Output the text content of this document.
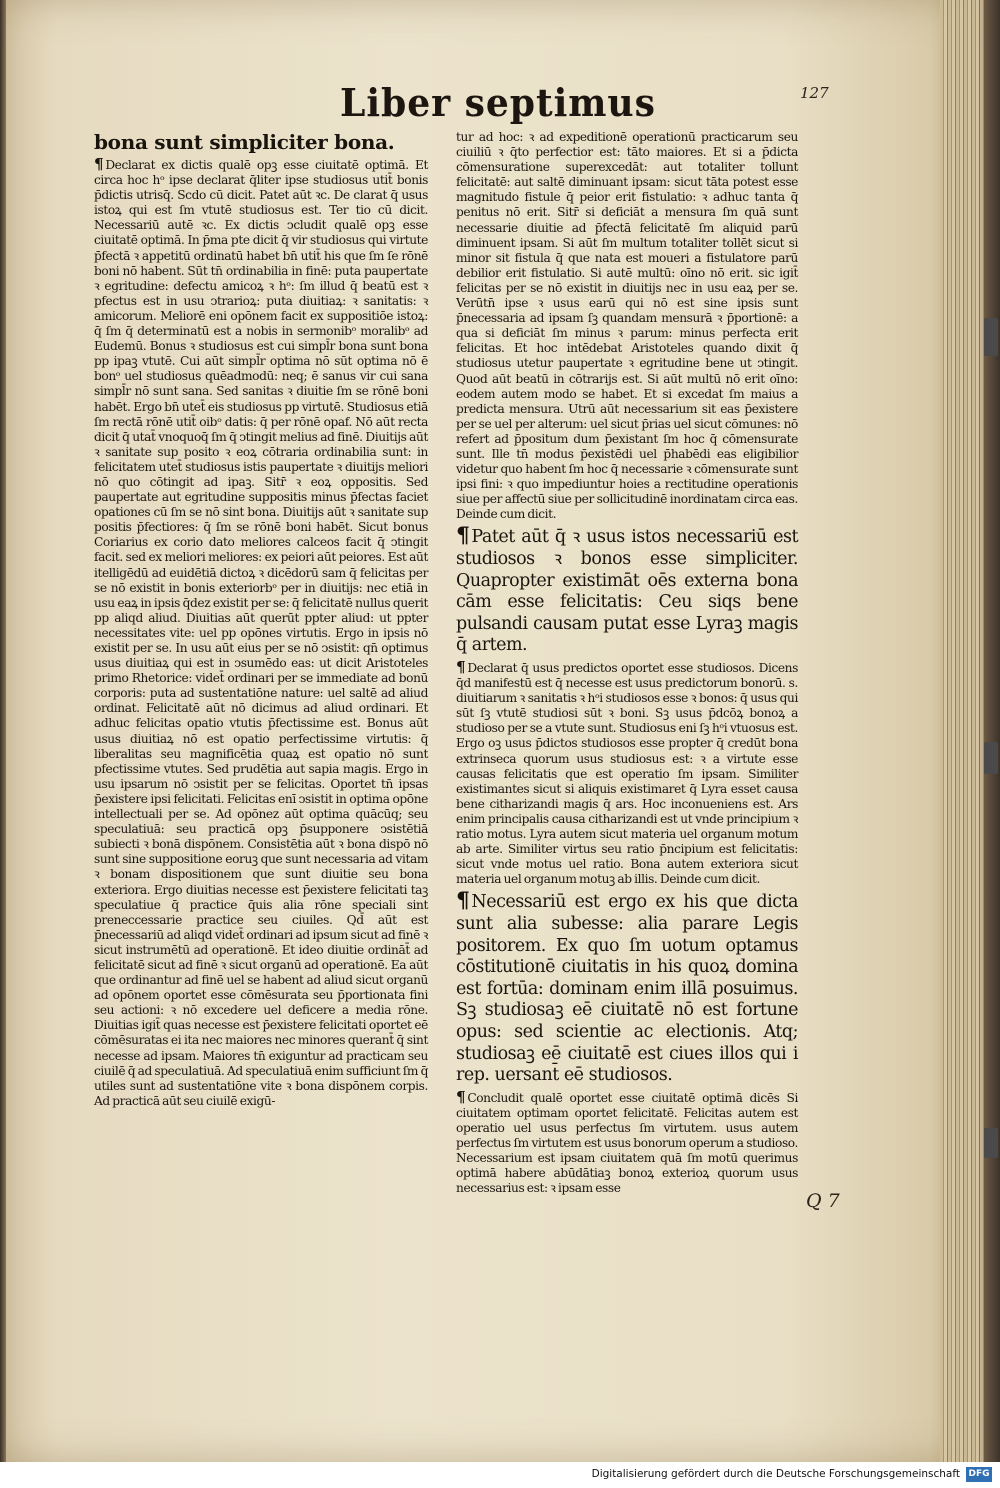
Liber septimus	127

bona sunt simpliciter bona.

¶ Declarat ex dictis qualē opꝫ esse ciuitatē optimā. Et circa hoc hᵒ ipse declarat q̄liter ipse studiosus utit̄ bonis p̄dictis utrisq̄. Scdo cū dicit. Patet aūt ꝛc. De clarat q̄ usus istoꝝ qui est ſm vtutē studiosus est. Ter tio cū dicit. Necessariū autē ꝛc. Ex dictis ↄcludit qualē opꝫ esse ciuitatē optimā. In p̄ma pte dicit q̄ vir studiosus qui virtute p̄fectā ꝛ appetitū ordinatū habet bn̄ utit̄ his que ſm ſe rōnē boni nō habent. Sūt tn̄ ordinabilia in finē: puta paupertate ꝛ egritudine: defectu amicoꝝ ꝛ hᵒ: ſm illud q̄ beatū est ꝛ pfectus est in usu ↄtrarioꝝ: puta diuitiaꝝ: ꝛ sanitatis: ꝛ amicorum. Meliorē eni opōnem facit ex suppositiōe istoꝝ: q̄ ſm q̄ determinatū est a nobis in sermonibᵒ moralibᵒ ad Eudemū. Bonus ꝛ studiosus est cui simpl̄r bona sunt bona pp ipaꝫ vtutē. Cui aūt simpl̄r optima nō sūt optima nō ē bonᵒ uel studiosus quēadmodū: neq; ē sanus vir cui sana simpl̄r nō sunt sana. Sed sanitas ꝛ diuitie ſm se rōnē boni habēt. Ergo bn̄ utet̄ eis studiosus pp virtutē. Studiosus etiā ſm rectā rōnē utit̄ oibᵒ datis: q̄ per rōnē opaf. Nō aūt recta dicit q̄ utat̄ vnoquoq̄ ſm q̄ ↄtingit melius ad finē. Diuitijs aūt ꝛ sanitate sup posito ꝛ eoꝝ cōtraria ordinabilia sunt: in felicitatem utet̄ studiosus istis paupertate ꝛ diuitijs meliori nō quo cōtingit ad ipaꝫ. Sitr̄ ꝛ eoꝝ oppositis. Sed paupertate aut egritudine suppositis minus p̄fectas faciet opationes cū ſm se nō sint bona. Diuitijs aūt ꝛ sanitate sup positis p̄fectiores: q̄ ſm se rōnē boni habēt. Sicut bonus Coriarius ex corio dato meliores calceos facit q̄ ↄtingit facit. sed ex meliori meliores: ex peiori aūt peiores. Est aūt itelligēdū ad euidētiā dictoꝝ ꝛ dicēdorū sam q̄ felicitas per se nō existit in bonis exteriorbᵒ per in diuitijs: nec etiā in usu eaꝝ in ipsis q̄dez existit per se: q̄ felicitatē nullus querit pp aliqd aliud. Diuitias aūt querūt ppter aliud: ut ppter necessitates vite: uel pp opōnes virtutis. Ergo in ipsis nō existit per se. In usu aūt eius per se nō ↄsistit: qn̄ optimus usus diuitiaꝝ qui est in ↄsumēdo eas: ut dicit Aristoteles primo Rhetorice: videt̄ ordinari per se immediate ad bonū corporis: puta ad sustentatiōne nature: uel saltē ad aliud ordinat. Felicitatē aūt nō dicimus ad aliud ordinari. Et adhuc felicitas opatio vtutis p̄fectissime est. Bonus aūt usus diuitiaꝝ nō est opatio perfectissime virtutis: q̄ liberalitas seu magnificētia quaꝝ est opatio nō sunt pfectissime vtutes. Sed prudētia aut sapia magis. Ergo in usu ipsarum nō ↄsistit per se felicitas. Oportet tn̄ ipsas p̄existere ipsi felicitati. Felicitas enī ↄsistit in optima opōne intellectuali per se. Ad opōnez aūt optima quācūq; seu speculatiuā: seu practicā opꝫ p̄supponere ↄsistētiā subiecti ꝛ bonā dispōnem. Consistētia aūt ꝛ bona dispō nō sunt sine suppositione eoruꝫ que sunt necessaria ad vitam ꝛ bonam dispositionem que sunt diuitie seu bona exteriora. Ergo diuitias necesse est p̄existere felicitati taꝫ speculatiue q̄ practice q̄uis alia rōne speciali sint preneccessarie practice seu ciuiles. Qd̄ aūt est p̄necessariū ad aliqd videt̄ ordinari ad ipsum sicut ad finē ꝛ sicut instrumētū ad operationē. Et ideo diuitie ordināt̄ ad felicitatē sicut ad finē ꝛ sicut organū ad operationē. Ea aūt que ordinantur ad finē uel se habent ad aliud sicut organū ad opōnem oportet esse cōmēsurata seu p̄portionata fini seu actioni: ꝛ nō excedere uel deficere a media rōne. Diuitias igit̄ quas necesse est p̄existere felicitati oportet eē cōmēsuratas ei ita nec maiores nec minores querant̄ q̄ sint necesse ad ipsam. Maiores tn̄ exiguntur ad practicam seu ciuilē q̄ ad speculatiuā. Ad speculatiuā enim sufficiunt ſm q̄ utiles sunt ad sustentatiōne vite ꝛ bona dispōnem corpis. Ad practicā aūt seu ciuilē exigū-

tur ad hoc: ꝛ ad expeditionē operationū practicarum seu ciuiliū ꝛ q̄to perfectior est: tāto maiores. Et si a p̄dicta cōmensuratione superexcedāt: aut totaliter tollunt felicitatē: aut saltē diminuant ipsam: sicut tāta potest esse magnitudo fistule q̄ peior erit fistulatio: ꝛ adhuc tanta q̄ penitus nō erit. Sitr̄ si deficiāt a mensura ſm quā sunt necessarie diuitie ad p̄fectā felicitatē ſm aliquid parū diminuent ipsam. Si aūt ſm multum totaliter tollēt sicut si minor sit fistula q̄ que nata est moueri a fistulatore parū debilior erit fistulatio. Si autē multū: oīno nō erit. sic igit̄ felicitas per se nō existit in diuitijs nec in usu eaꝝ per se. Verūtn̄ ipse ꝛ usus earū qui nō est sine ipsis sunt p̄necessaria ad ipsam ſꝫ quandam mensurā ꝛ p̄portionē: a qua si deficiāt ſm minus ꝛ parum: minus perfecta erit felicitas. Et hoc intēdebat Aristoteles quando dixit q̄ studiosus utetur paupertate ꝛ egritudine bene ut ↄtingit. Quod aūt beatū in cōtrarijs est. Si aūt multū nō erit oīno: eodem autem modo se habet. Et si excedat ſm maius a predicta mensura. Utrū aūt necessarium sit eas p̄existere per se uel per alterum: uel sicut p̄rias uel sicut cōmunes: nō refert ad p̄positum dum p̄existant ſm hoc q̄ cōmensurate sunt. Ille tn̄ modus p̄existēdi uel p̄habēdi eas eligibilior videtur quo habent ſm hoc q̄ necessarie ꝛ cōmensurate sunt ipsi fini: ꝛ quo impediuntur hoies a rectitudine operationis siue per affectū siue per sollicitudinē inordinatam circa eas. Deinde cum dicit.

¶ Patet aūt q̄ ꝛ usus istos necessariū est studiosos ꝛ bonos esse simpliciter. Quapropter existimāt oēs externa bona cām esse felicitatis: Ceu siqs bene pulsandi causam putat esse Lyraꝫ magis q̄ artem.

¶ Declarat q̄ usus predictos oportet esse studiosos. Dicens q̄d manifestū est q̄ necesse est usus predictorum bonorū. s. diuitiarum ꝛ sanitatis ꝛ hᵒi studiosos esse ꝛ bonos: q̄ usus qui sūt ſꝫ vtutē studiosi sūt ꝛ boni. Sꝫ usus p̄dcōꝝ bonoꝝ a studioso per se a vtute sunt. Studiosus eni ſꝫ hᵒi vtuosus est. Ergo oꝫ usus p̄dictos studiosos esse propter q̄ credūt bona extrinseca quorum usus studiosus est: ꝛ a virtute esse causas felicitatis que est operatio ſm ipsam. Similiter existimantes sicut si aliquis existimaret q̄ Lyra esset causa bene citharizandi magis q̄ ars. Hoc inconueniens est. Ars enim principalis causa citharizandi est ut vnde principium ꝛ ratio motus. Lyra autem sicut materia uel organum motum ab arte. Similiter virtus seu ratio p̄ncipium est felicitatis: sicut vnde motus uel ratio. Bona autem exteriora sicut materia uel organum motuꝫ ab illis. Deinde cum dicit.

¶ Necessariū est ergo ex his que dicta sunt alia subesse: alia parare Legis positorem. Ex quo ſm uotum optamus cōstitutionē ciuitatis in his quoꝝ domina est fortūa: dominam enim illā posuimus. Sꝫ studiosaꝫ eē ciuitatē nō est fortune opus: sed scientie ac electionis. Atq; studiosaꝫ eē ciuitatē est ciues illos qui i rep. uersant̄ eē studiosos.

¶ Concludit qualē oportet esse ciuitatē optimā dicēs Si ciuitatem optimam oportet felicitatē. Felicitas autem est operatio uel usus perfectus ſm virtutem. usus autem perfectus ſm virtutem est usus bonorum operum a studioso. Necessarium est ipsam ciuitatem quā ſm motū querimus optimā habere abūdātiaꝫ bonoꝝ exterioꝝ quorum usus necessarius est: ꝛ ipsam esse

Q 7
Digitalisierung gefördert durch die Deutsche Forschungsgemeinschaft DFG
